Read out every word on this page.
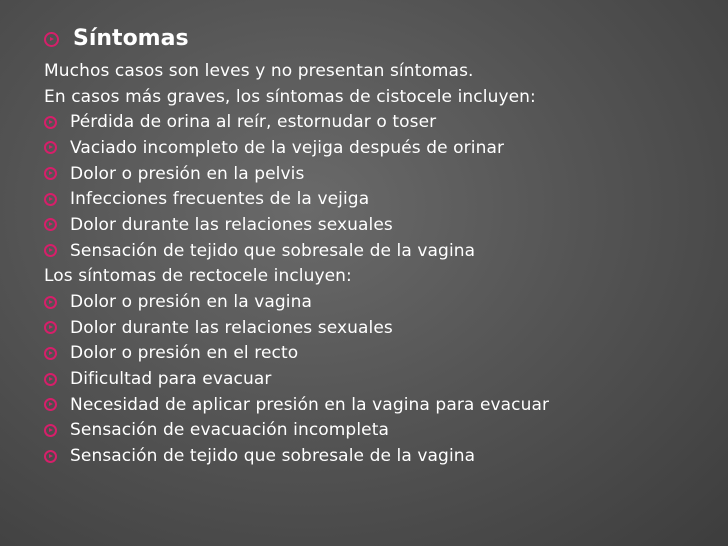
Síntomas
Muchos casos son leves y no presentan síntomas.
En casos más graves, los síntomas de cistocele incluyen:
Pérdida de orina al reír, estornudar o toser
Vaciado incompleto de la vejiga después de orinar
Dolor o presión en la pelvis
Infecciones frecuentes de la vejiga
Dolor durante las relaciones sexuales
Sensación de tejido que sobresale de la vagina
Los síntomas de rectocele incluyen:
Dolor o presión en la vagina
Dolor durante las relaciones sexuales
Dolor o presión en el recto
Dificultad para evacuar
Necesidad de aplicar presión en la vagina para evacuar
Sensación de evacuación incompleta
Sensación de tejido que sobresale de la vagina
